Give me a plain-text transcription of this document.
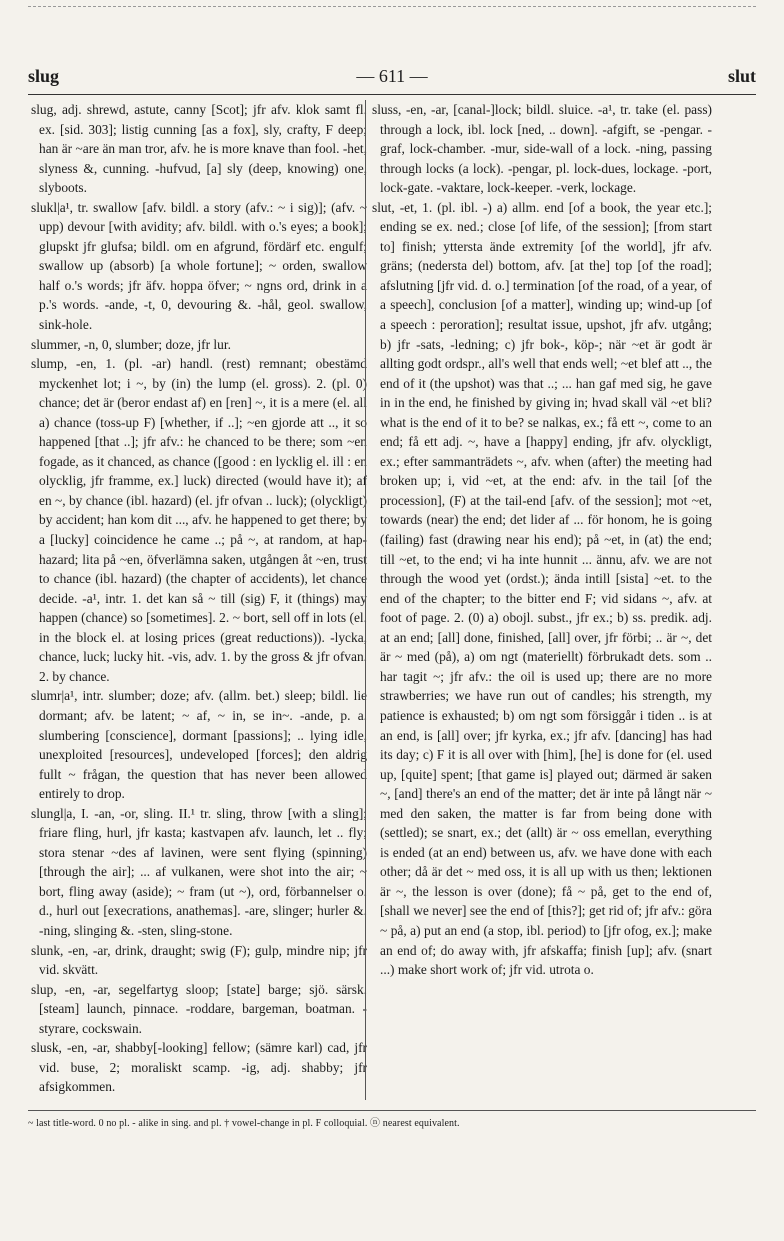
slug	— 611 —	slut

slug, adj. shrewd, astute, canny [Scot]; jfr afv. klok samt fl. ex. [sid. 303]; listig cunning [as a fox], sly, crafty, F deep; han är ~are än man tror, afv. he is more knave than fool. -het, slyness &, cunning. -hufvud, [a] sly (deep, knowing) one, slyboots.

slukl|a¹, tr. swallow [afv. bildl. a story (afv.: ~ i sig)]; (afv. ~ upp) devour [with avidity; afv. bildl. with o.'s eyes; a book]; glupskt jfr glufsa; bildl. om en afgrund, fördärf etc. engulf; swallow up (absorb) [a whole fortune]; ~ orden, swallow half o.'s words; jfr äfv. hoppa öfver; ~ ngns ord, drink in a p.'s words. -ande, -t, 0, devouring &. -hål, geol. swallow, sink-hole.

slummer, -n, 0, slumber; doze, jfr lur.

slump, -en, 1. (pl. -ar) handl. (rest) remnant; obestämd myckenhet lot; i ~, by (in) the lump (el. gross). 2. (pl. 0) chance; det är (beror endast af) en [ren] ~, it is a mere (el. all a) chance (toss-up F) [whether, if ..]; ~en gjorde att .., it so happened [that ..]; jfr afv.: he chanced to be there; som ~en fogade, as it chanced, as chance ([good : en lycklig el. ill : en olycklig, jfr framme, ex.] luck) directed (would have it); af en ~, by chance (ibl. hazard) (el. jfr ofvan .. luck); (olyckligt) by accident; han kom dit ..., afv. he happened to get there; by a [lucky] coincidence he came ..; på ~, at random, at hap-hazard; lita på ~en, öfverlämna saken, utgången åt ~en, trust to chance (ibl. hazard) (the chapter of accidents), let chance decide. -a¹, intr. 1. det kan så ~ till (sig) F, it (things) may happen (chance) so [sometimes]. 2. ~ bort, sell off in lots (el. in the block el. at losing prices (great reductions)). -lycka, chance, luck; lucky hit. -vis, adv. 1. by the gross & jfr ofvan. 2. by chance.

slumr|a¹, intr. slumber; doze; afv. (allm. bet.) sleep; bildl. lie dormant; afv. be latent; ~ af, ~ in, se in~. -ande, p. a. slumbering [conscience], dormant [passions]; .. lying idle, unexploited [resources], undeveloped [forces]; den aldrig fullt ~ frågan, the question that has never been allowed entirely to drop.

slungl|a, I. -an, -or, sling. II.¹ tr. sling, throw [with a sling]; friare fling, hurl, jfr kasta; kastvapen afv. launch, let .. fly; stora stenar ~des af lavinen, were sent flying (spinning) [through the air]; ... af vulkanen, were shot into the air; ~ bort, fling away (aside); ~ fram (ut ~), ord, förbannelser o. d., hurl out [execrations, anathemas]. -are, slinger; hurler &. -ning, slinging &. -sten, sling-stone.

slunk, -en, -ar, drink, draught; swig (F); gulp, mindre nip; jfr vid. skvätt.

slup, -en, -ar, segelfartyg sloop; [state] barge; sjö. särsk. [steam] launch, pinnace. -roddare, bargeman, boatman. -styrare, cockswain.

slusk, -en, -ar, shabby[-looking] fellow; (sämre karl) cad, jfr vid. buse, 2; moraliskt scamp. -ig, adj. shabby; jfr afsigkommen.

sluss, -en, -ar, [canal-]lock; bildl. sluice. -a¹, tr. take (el. pass) through a lock, ibl. lock [ned, .. down]. -afgift, se -pengar. -graf, lock-chamber. -mur, side-wall of a lock. -ning, passing through locks (a lock). -pengar, pl. lock-dues, lockage. -port, lock-gate. -vaktare, lock-keeper. -verk, lockage.

slut, -et, 1. (pl. ibl. -) a) allm. end [of a book, the year etc.]; ending se ex. ned.; close [of life, of the session]; [from start to] finish; yttersta ände extremity [of the world], jfr afv. gräns; (nedersta del) bottom, afv. [at the] top [of the road]; afslutning [jfr vid. d. o.] termination [of the road, of a year, of a speech], conclusion [of a matter], winding up; wind-up [of a speech : peroration]; resultat issue, upshot, jfr afv. utgång; b) jfr -sats, -ledning; c) jfr bok-, köp-; när ~et är godt är allting godt ordspr., all's well that ends well; ~et blef att .., the end of it (the upshot) was that ..; ... han gaf med sig, he gave in in the end, he finished by giving in; hvad skall väl ~et bli? what is the end of it to be? se nalkas, ex.; få ett ~, come to an end; få ett adj. ~, have a [happy] ending, jfr afv. olyckligt, ex.; efter sammanträdets ~, afv. when (after) the meeting had broken up; i, vid ~et, at the end: afv. in the tail [of the procession], (F) at the tail-end [afv. of the session]; mot ~et, towards (near) the end; det lider af ... för honom, he is going (failing) fast (drawing near his end); på ~et, in (at) the end; till ~et, to the end; vi ha inte hunnit ... ännu, afv. we are not through the wood yet (ordst.); ända intill [sista] ~et. to the end of the chapter; to the bitter end F; vid sidans ~, afv. at foot of page. 2. (0) a) obojl. subst., jfr ex.; b) ss. predik. adj. at an end; [all] done, finished, [all] over, jfr förbi; .. är ~, det är ~ med (på), a) om ngt (materiellt) förbrukadt dets. som .. har tagit ~; jfr afv.: the oil is used up; there are no more strawberries; we have run out of candles; his strength, my patience is exhausted; b) om ngt som försiggår i tiden .. is at an end, is [all] over; jfr kyrka, ex.; jfr afv. [dancing] has had its day; c) F it is all over with [him], [he] is done for (el. used up, [quite] spent; [that game is] played out; därmed är saken ~, [and] there's an end of the matter; det är inte på långt när ~ med den saken, the matter is far from being done with (settled); se snart, ex.; det (allt) är ~ oss emellan, everything is ended (at an end) between us, afv. we have done with each other; då är det ~ med oss, it is all up with us then; lektionen är ~, the lesson is over (done); få ~ på, get to the end of, [shall we never] see the end of [this?]; get rid of; jfr afv.: göra ~ på, a) put an end (a stop, ibl. period) to [jfr ofog, ex.]; make an end of; do away with, jfr afskaffa; finish [up]; afv. (snart ...) make short work of; jfr vid. utrota o.

~ last title-word. 0 no pl. - alike in sing. and pl. † vowel-change in pl. F colloquial. ⓝ nearest equivalent.
